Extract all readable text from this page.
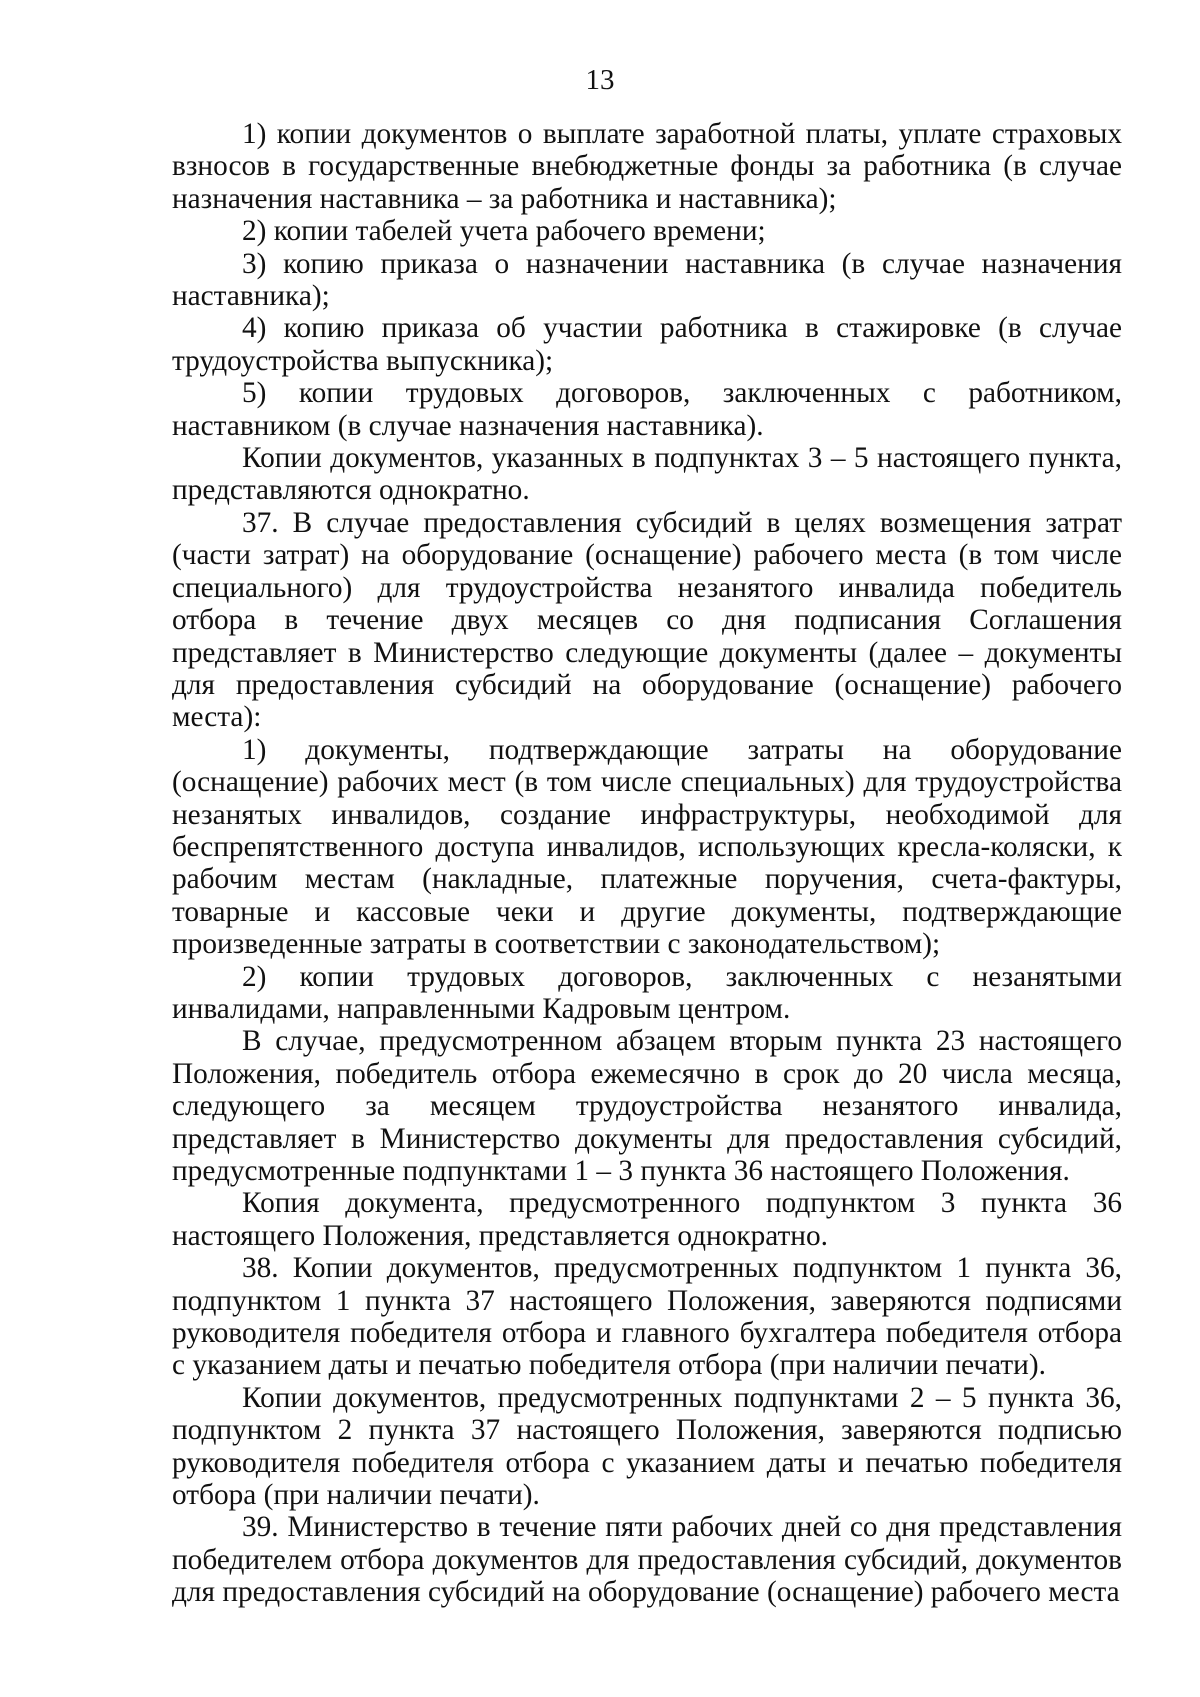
13

1) копии документов о выплате заработной платы, уплате страховых взносов в государственные внебюджетные фонды за работника (в случае назначения наставника – за работника и наставника);

2) копии табелей учета рабочего времени;

3) копию приказа о назначении наставника (в случае назначения наставника);

4) копию приказа об участии работника в стажировке (в случае трудоустройства выпускника);

5) копии трудовых договоров, заключенных с работником, наставником (в случае назначения наставника).

Копии документов, указанных в подпунктах 3 – 5 настоящего пункта, представляются однократно.

37. В случае предоставления субсидий в целях возмещения затрат (части затрат) на оборудование (оснащение) рабочего места (в том числе специального) для трудоустройства незанятого инвалида победитель отбора в течение двух месяцев со дня подписания Соглашения представляет в Министерство следующие документы (далее – документы для предоставления субсидий на оборудование (оснащение) рабочего места):

1) документы, подтверждающие затраты на оборудование (оснащение) рабочих мест (в том числе специальных) для трудоустройства незанятых инвалидов, создание инфраструктуры, необходимой для беспрепятственного доступа инвалидов, использующих кресла-коляски, к рабочим местам (накладные, платежные поручения, счета-фактуры, товарные и кассовые чеки и другие документы, подтверждающие произведенные затраты в соответствии с законодательством);

2) копии трудовых договоров, заключенных с незанятыми инвалидами, направленными Кадровым центром.

В случае, предусмотренном абзацем вторым пункта 23 настоящего Положения, победитель отбора ежемесячно в срок до 20 числа месяца, следующего за месяцем трудоустройства незанятого инвалида, представляет в Министерство документы для предоставления субсидий, предусмотренные подпунктами 1 – 3 пункта 36 настоящего Положения.

Копия документа, предусмотренного подпунктом 3 пункта 36 настоящего Положения, представляется однократно.

38. Копии документов, предусмотренных подпунктом 1 пункта 36, подпунктом 1 пункта 37 настоящего Положения, заверяются подписями руководителя победителя отбора и главного бухгалтера победителя отбора с указанием даты и печатью победителя отбора (при наличии печати).

Копии документов, предусмотренных подпунктами 2 – 5 пункта 36, подпунктом 2 пункта 37 настоящего Положения, заверяются подписью руководителя победителя отбора с указанием даты и печатью победителя отбора (при наличии печати).

39. Министерство в течение пяти рабочих дней со дня представления победителем отбора документов для предоставления субсидий, документов для предоставления субсидий на оборудование (оснащение) рабочего места
